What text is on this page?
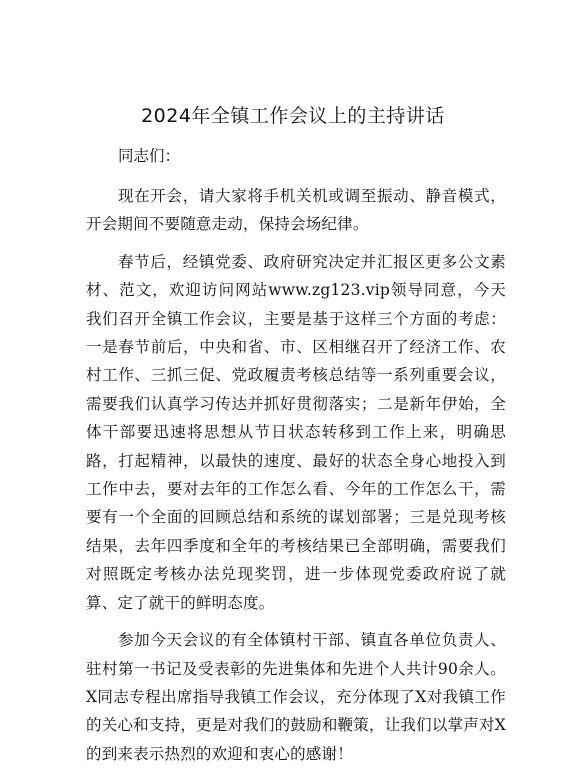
2024年全镇工作会议上的主持讲话

同志们：

现在开会，请大家将手机关机或调至振动、静音模式，开会期间不要随意走动，保持会场纪律。

春节后，经镇党委、政府研究决定并汇报区更多公文素材、范文，欢迎访问网站www.zg123.vip领导同意，今天我们召开全镇工作会议，主要是基于这样三个方面的考虑：一是春节前后，中央和省、市、区相继召开了经济工作、农村工作、三抓三促、党政履责考核总结等一系列重要会议，需要我们认真学习传达并抓好贯彻落实；二是新年伊始，全体干部要迅速将思想从节日状态转移到工作上来，明确思路，打起精神，以最快的速度、最好的状态全身心地投入到工作中去，要对去年的工作怎么看、今年的工作怎么干，需要有一个全面的回顾总结和系统的谋划部署；三是兑现考核结果，去年四季度和全年的考核结果已全部明确，需要我们对照既定考核办法兑现奖罚，进一步体现党委政府说了就算、定了就干的鲜明态度。

参加今天会议的有全体镇村干部、镇直各单位负责人、驻村第一书记及受表彰的先进集体和先进个人共计90余人。X同志专程出席指导我镇工作会议，充分体现了X对我镇工作的关心和支持，更是对我们的鼓励和鞭策，让我们以掌声对X的到来表示热烈的欢迎和衷心的感谢！
